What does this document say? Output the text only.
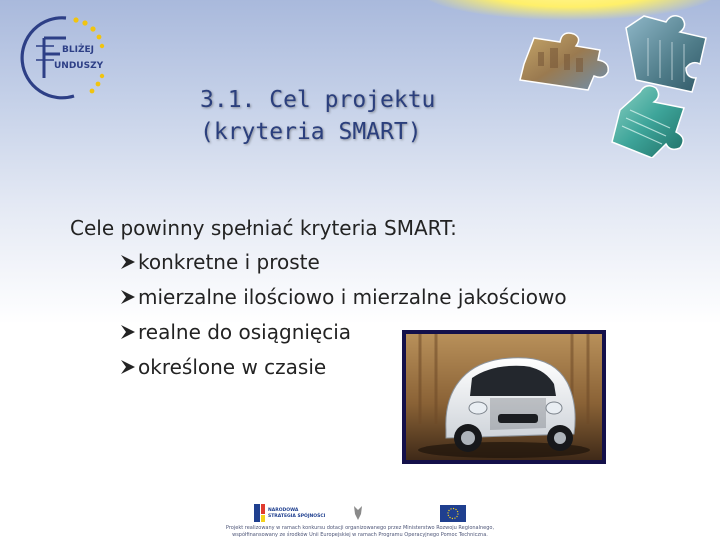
BLIŻEJ
UNDUSZY
3.1. Cel projektu
(kryteria SMART)
Cele powinny spełniać kryteria SMART:
konkretne i proste
mierzalne ilościowo i mierzalne jakościowo
realne do osiągnięcia
określone w czasie
NARODOWA
STRATEGIA SPÓJNOŚCI
Projekt realizowany w ramach konkursu dotacji organizowanego przez Ministerstwo Rozwoju Regionalnego,
współfinansowany ze środków Unii Europejskiej w ramach Programu Operacyjnego Pomoc Techniczna.
